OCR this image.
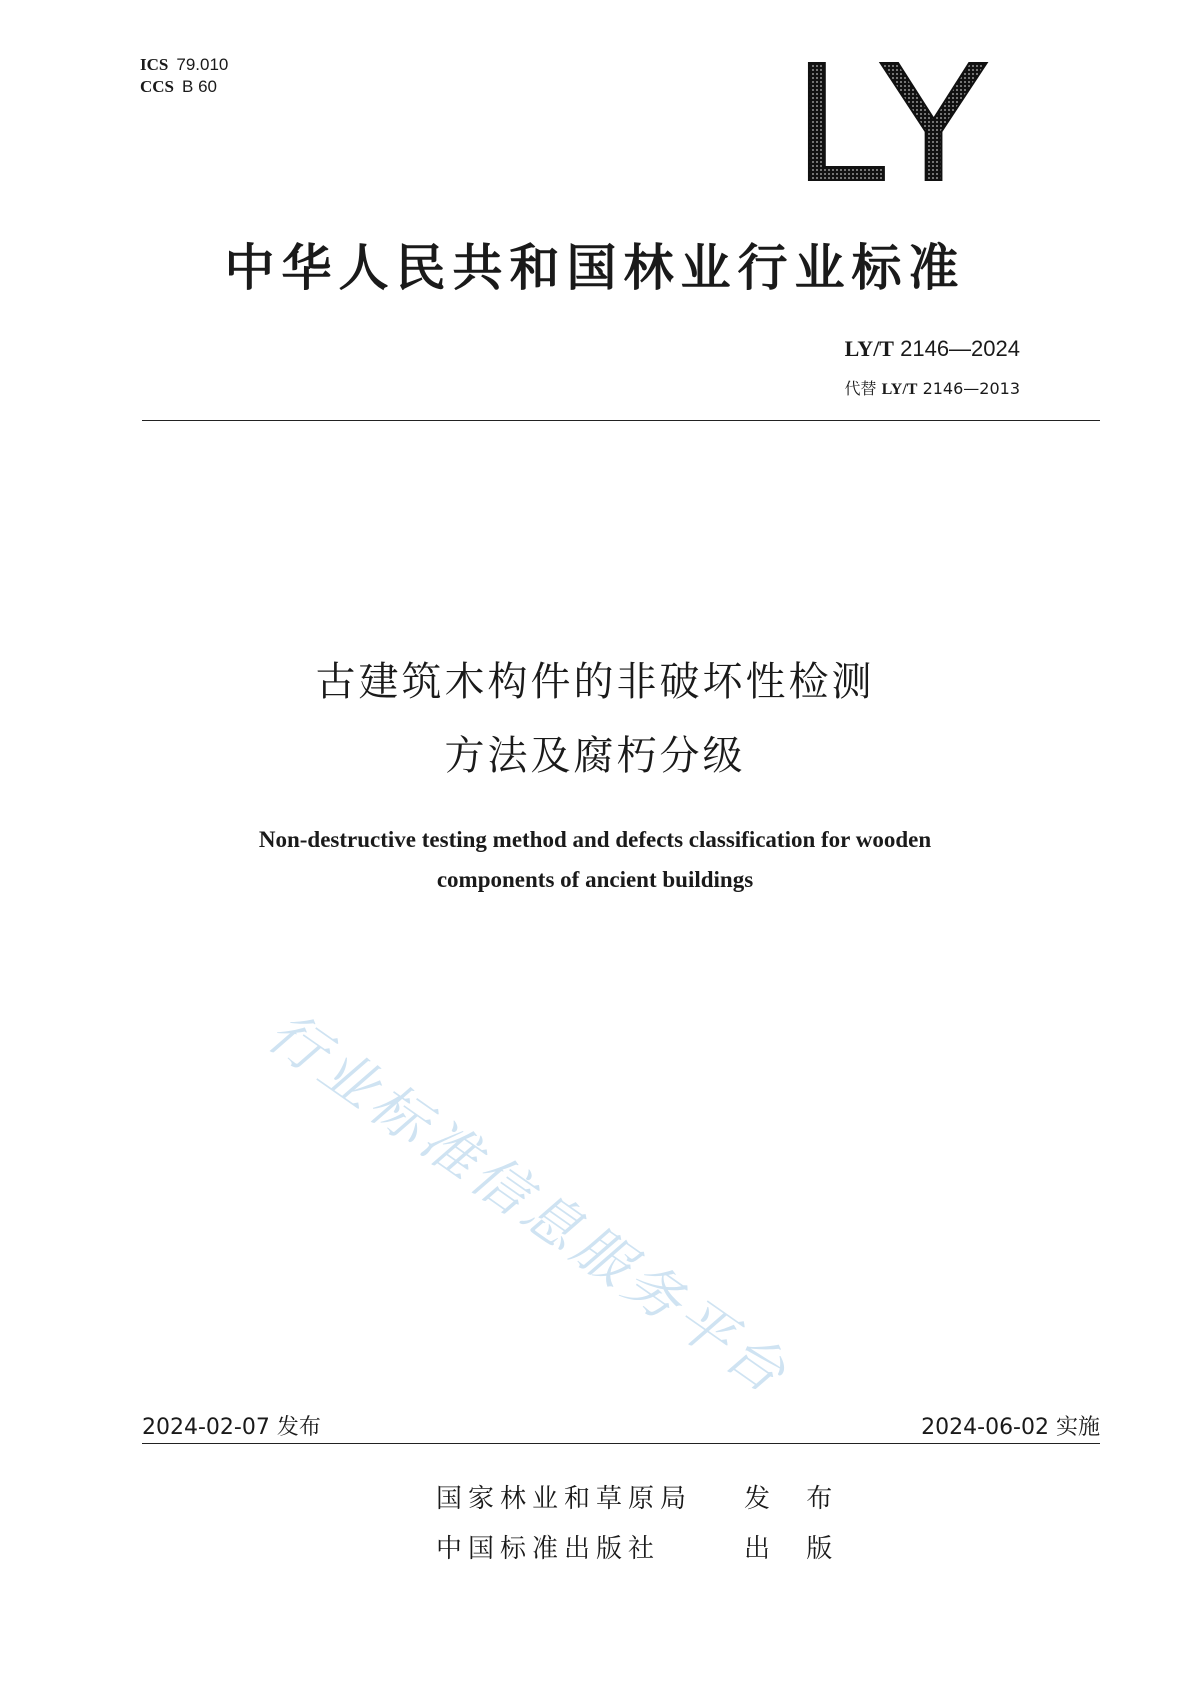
ICS 79.010
CCS B 60	LY
中华人民共和国林业行业标准
LY/T 2146—2024
代替 LY/T 2146—2013
古建筑木构件的非破坏性检测
方法及腐朽分级
Non-destructive testing method and defects classification for wooden
components of ancient buildings
行业标准信息服务平台
2024-02-07 发布	2024-06-02 实施
国家林业和草原局 发 布
中国标准出版社	出 版
